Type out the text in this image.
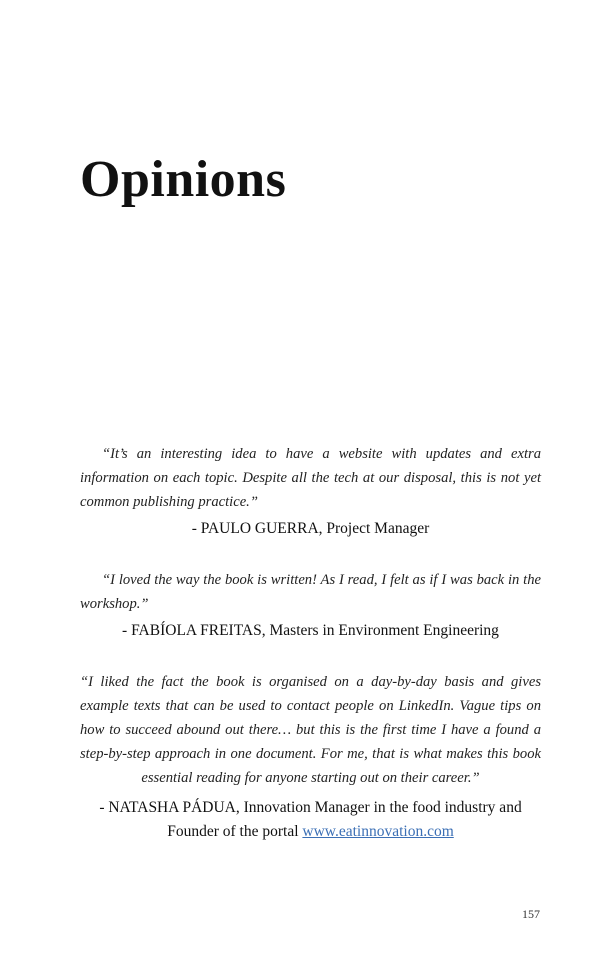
Opinions

“It’s an interesting idea to have a website with updates and extra information on each topic. Despite all the tech at our disposal, this is not yet common publishing practice.”

- PAULO GUERRA, Project Manager

“I loved the way the book is written! As I read, I felt as if I was back in the workshop.”

- FABÍOLA FREITAS, Masters in Environment Engineering

“I liked the fact the book is organised on a day-by-day basis and gives example texts that can be used to contact people on LinkedIn. Vague tips on how to succeed abound out there… but this is the first time I have a found a step-by-step approach in one document. For me, that is what makes this book essential reading for anyone starting out on their career.”

- NATASHA PÁDUA, Innovation Manager in the food industry and
Founder of the portal www.eatinnovation.com

157
